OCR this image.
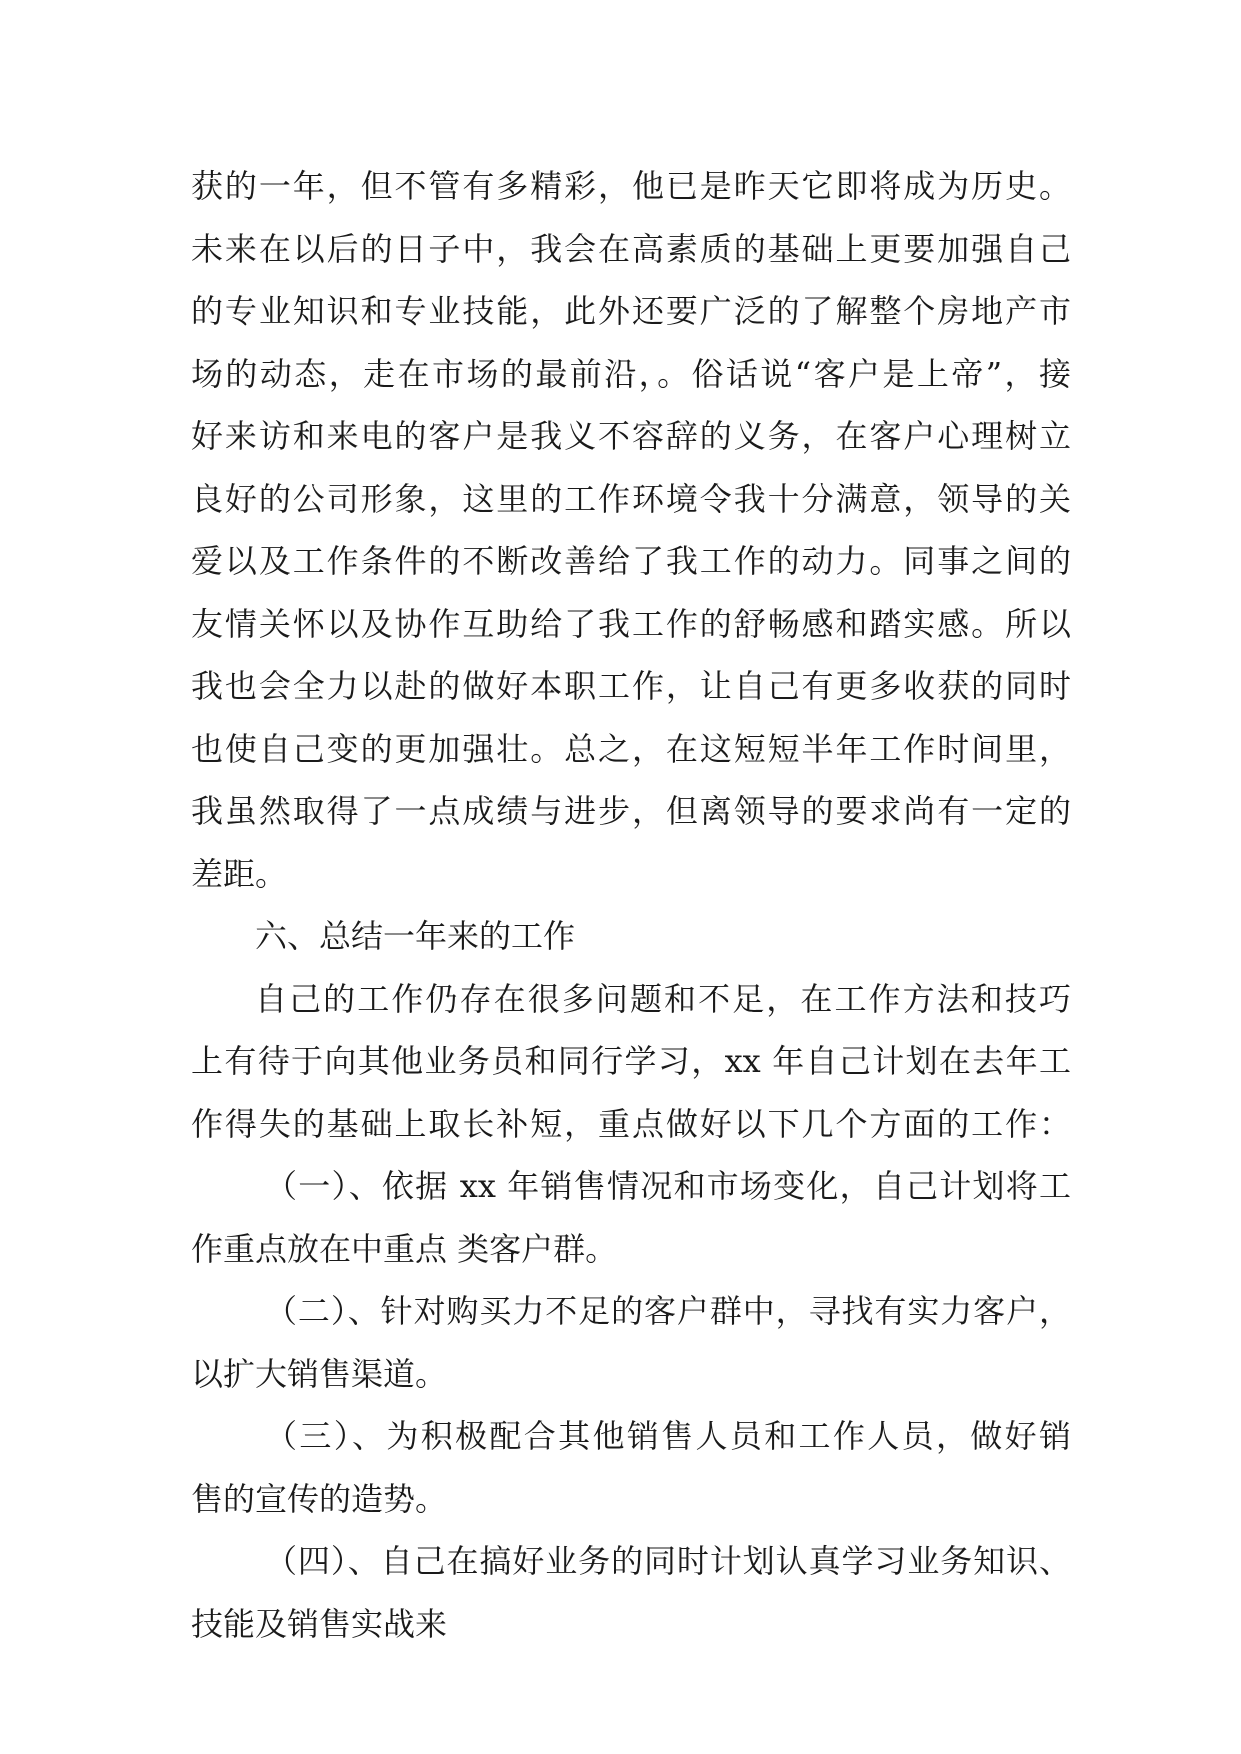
获的一年，但不管有多精彩，他已是昨天它即将成为历史。
未来在以后的日子中，我会在高素质的基础上更要加强自己
的专业知识和专业技能，此外还要广泛的了解整个房地产市
场的动态，走在市场的最前沿，。俗话说“客户是上帝”，接
好来访和来电的客户是我义不容辞的义务，在客户心理树立
良好的公司形象，这里的工作环境令我十分满意，领导的关
爱以及工作条件的不断改善给了我工作的动力。同事之间的
友情关怀以及协作互助给了我工作的舒畅感和踏实感。所以
我也会全力以赴的做好本职工作，让自己有更多收获的同时
也使自己变的更加强壮。总之，在这短短半年工作时间里，
我虽然取得了一点成绩与进步，但离领导的要求尚有一定的
差距。
六、总结一年来的工作
自己的工作仍存在很多问题和不足，在工作方法和技巧
上有待于向其他业务员和同行学习，xx 年自己计划在去年工
作得失的基础上取长补短，重点做好以下几个方面的工作：
（一）、依据 xx 年销售情况和市场变化，自己计划将工
作重点放在中重点 类客户群。
（二）、针对购买力不足的客户群中，寻找有实力客户，
以扩大销售渠道。
（三）、为积极配合其他销售人员和工作人员，做好销
售的宣传的造势。
（四）、自己在搞好业务的同时计划认真学习业务知识、
技能及销售实战来
